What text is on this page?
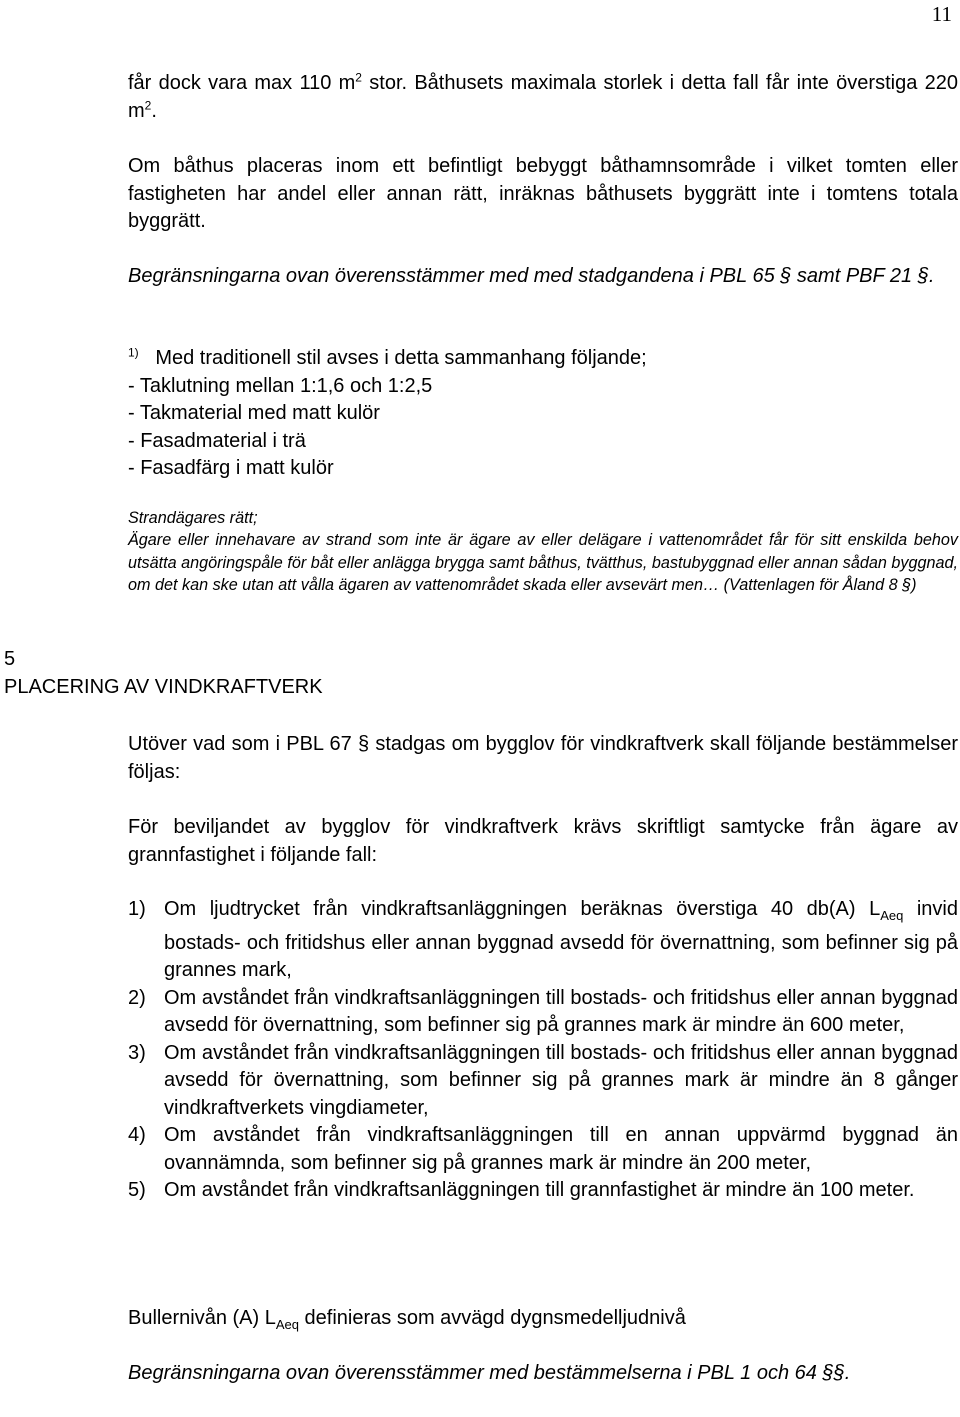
11

får dock vara max 110 $m^2$ stor. Båthusets maximala storlek i detta fall får inte överstiga 220 $m^2$.

Om båthus placeras inom ett befintligt bebyggt båthamnsområde i vilket tomten eller fastigheten har andel eller annan rätt, inräknas båthusets byggrätt inte i tomtens totala byggrätt.

Begränsningarna ovan överensstämmer med med stadgandena i PBL 65 § samt PBF 21 §.

$^{1)}$ Med traditionell stil avses i detta sammanhang följande;
- Taklutning mellan 1:1,6 och 1:2,5
- Takmaterial med matt kulör
- Fasadmaterial i trä
- Fasadfärg i matt kulör
Strandägares rätt;
Ägare eller innehavare av strand som inte är ägare av eller delägare i vattenområdet får för sitt enskilda behov utsätta angöringspåle för båt eller anlägga brygga samt båthus, tvätthus, bastubyggnad eller annan sådan byggnad, om det kan ske utan att vålla ägaren av vattenområdet skada eller avsevärt men… (Vattenlagen för Åland 8 §)
5
PLACERING AV VINDKRAFTVERK

Utöver vad som i PBL 67 § stadgas om bygglov för vindkraftverk skall följande bestämmelser följas:

För beviljandet av bygglov för vindkraftverk krävs skriftligt samtycke från ägare av grannfastighet i följande fall:

1) Om ljudtrycket från vindkraftsanläggningen beräknas överstiga 40 db(A) $L_{Aeq}$ invid bostads- och fritidshus eller annan byggnad avsedd för övernattning, som befinner sig på grannes mark,
2) Om avståndet från vindkraftsanläggningen till bostads- och fritidshus eller annan byggnad avsedd för övernattning, som befinner sig på grannes mark är mindre än 600 meter,
3) Om avståndet från vindkraftsanläggningen till bostads- och fritidshus eller annan byggnad avsedd för övernattning, som befinner sig på grannes mark är mindre än 8 gånger vindkraftverkets vingdiameter,
4) Om avståndet från vindkraftsanläggningen till en annan uppvärmd byggnad än ovannämnda, som befinner sig på grannes mark är mindre än 200 meter,
5) Om avståndet från vindkraftsanläggningen till grannfastighet är mindre än 100 meter.

Bullernivån (A) $L_{Aeq}$ definieras som avvägd dygnsmedelljudnivå

Begränsningarna ovan överensstämmer med bestämmelserna i PBL 1 och 64 §§.
